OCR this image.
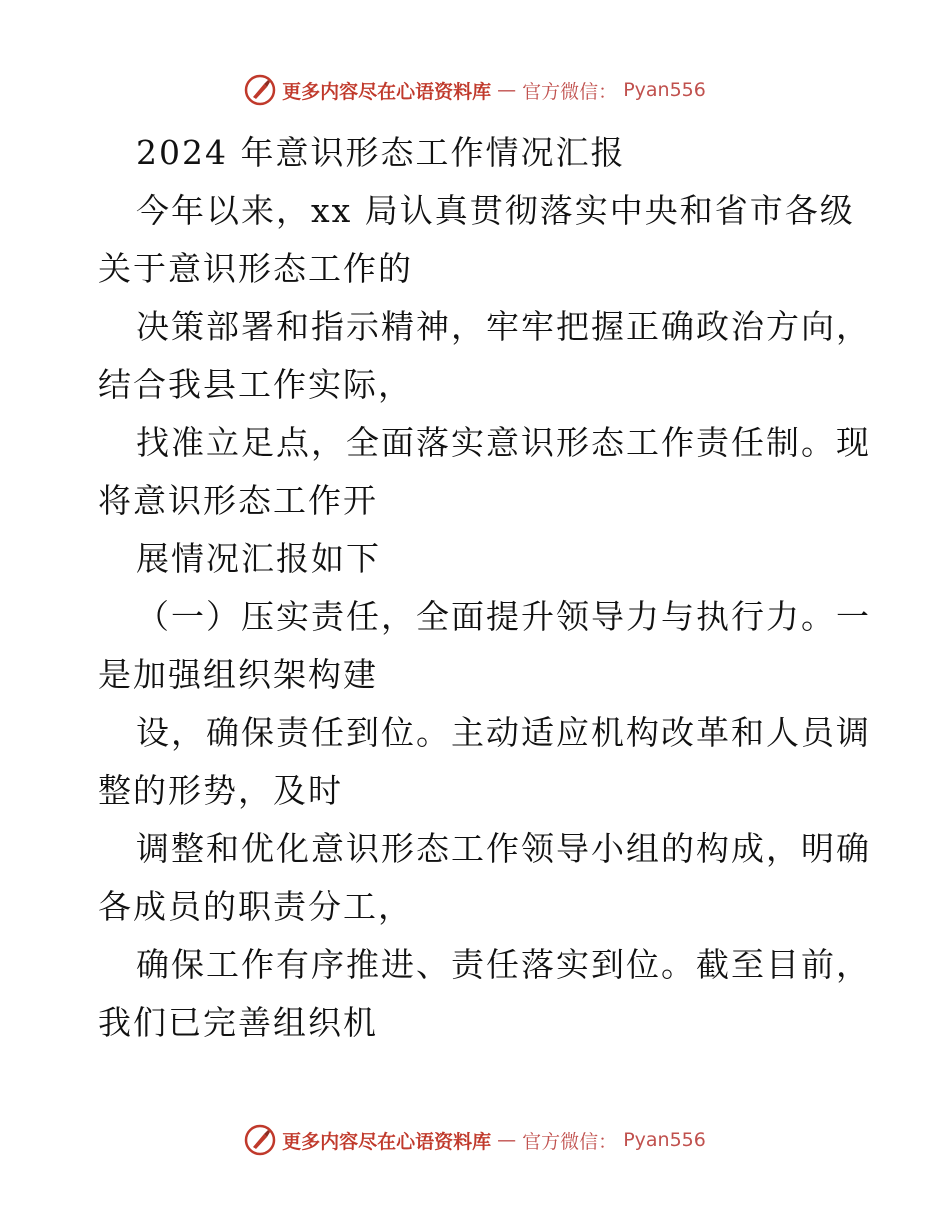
更多内容尽在心语资料库 — 官方微信： Pyan556
2024 年意识形态工作情况汇报
今年以来，xx 局认真贯彻落实中央和省市各级
关于意识形态工作的
决策部署和指示精神，牢牢把握正确政治方向，
结合我县工作实际，
找准立足点，全面落实意识形态工作责任制。现
将意识形态工作开
展情况汇报如下
（一）压实责任，全面提升领导力与执行力。一
是加强组织架构建
设，确保责任到位。主动适应机构改革和人员调
整的形势，及时
调整和优化意识形态工作领导小组的构成，明确
各成员的职责分工，
确保工作有序推进、责任落实到位。截至目前，
我们已完善组织机
更多内容尽在心语资料库 — 官方微信： Pyan556
